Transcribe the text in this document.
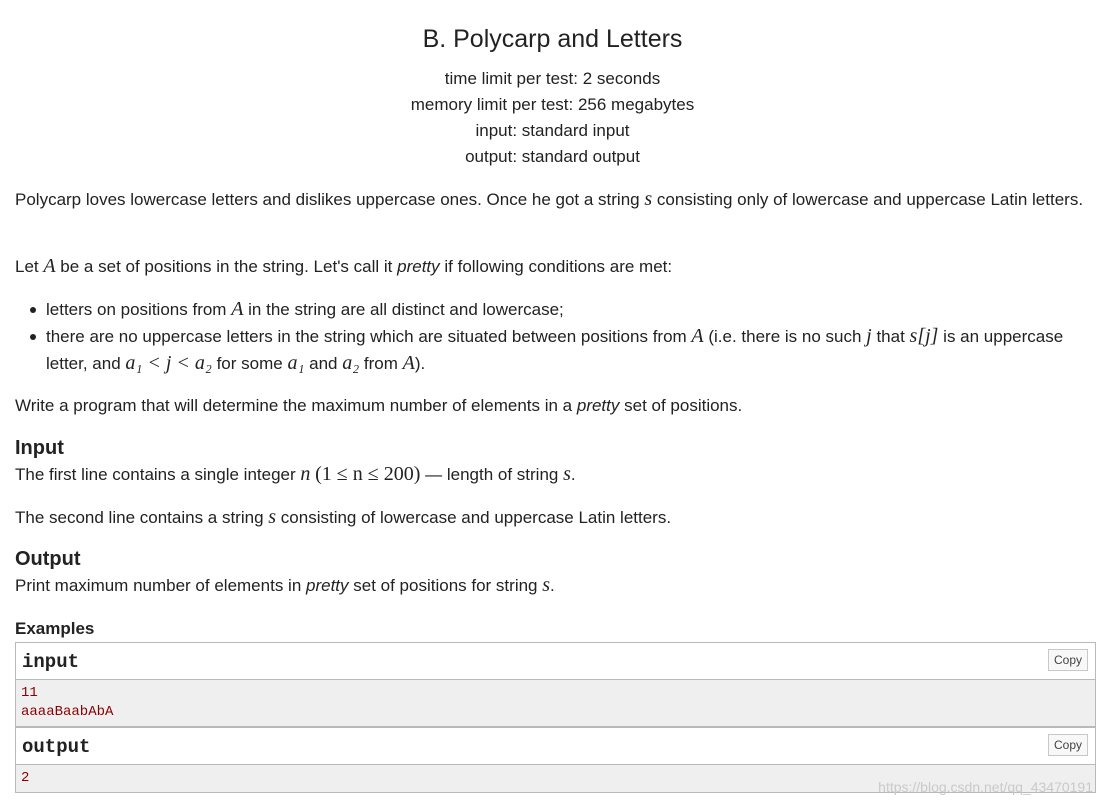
B. Polycarp and Letters
time limit per test: 2 seconds
memory limit per test: 256 megabytes
input: standard input
output: standard output
Polycarp loves lowercase letters and dislikes uppercase ones. Once he got a string s consisting only of lowercase and uppercase Latin letters.
Let A be a set of positions in the string. Let's call it pretty if following conditions are met:
letters on positions from A in the string are all distinct and lowercase;
there are no uppercase letters in the string which are situated between positions from A (i.e. there is no such j that s[j] is an uppercase letter, and a₁ < j < a₂ for some a₁ and a₂ from A).
Write a program that will determine the maximum number of elements in a pretty set of positions.
Input
The first line contains a single integer n (1 ≤ n ≤ 200) — length of string s.
The second line contains a string s consisting of lowercase and uppercase Latin letters.
Output
Print maximum number of elements in pretty set of positions for string s.
Examples
input	Copy
11
aaaaBaabAbA
output	Copy
2
https://blog.csdn.net/qq_43470191
